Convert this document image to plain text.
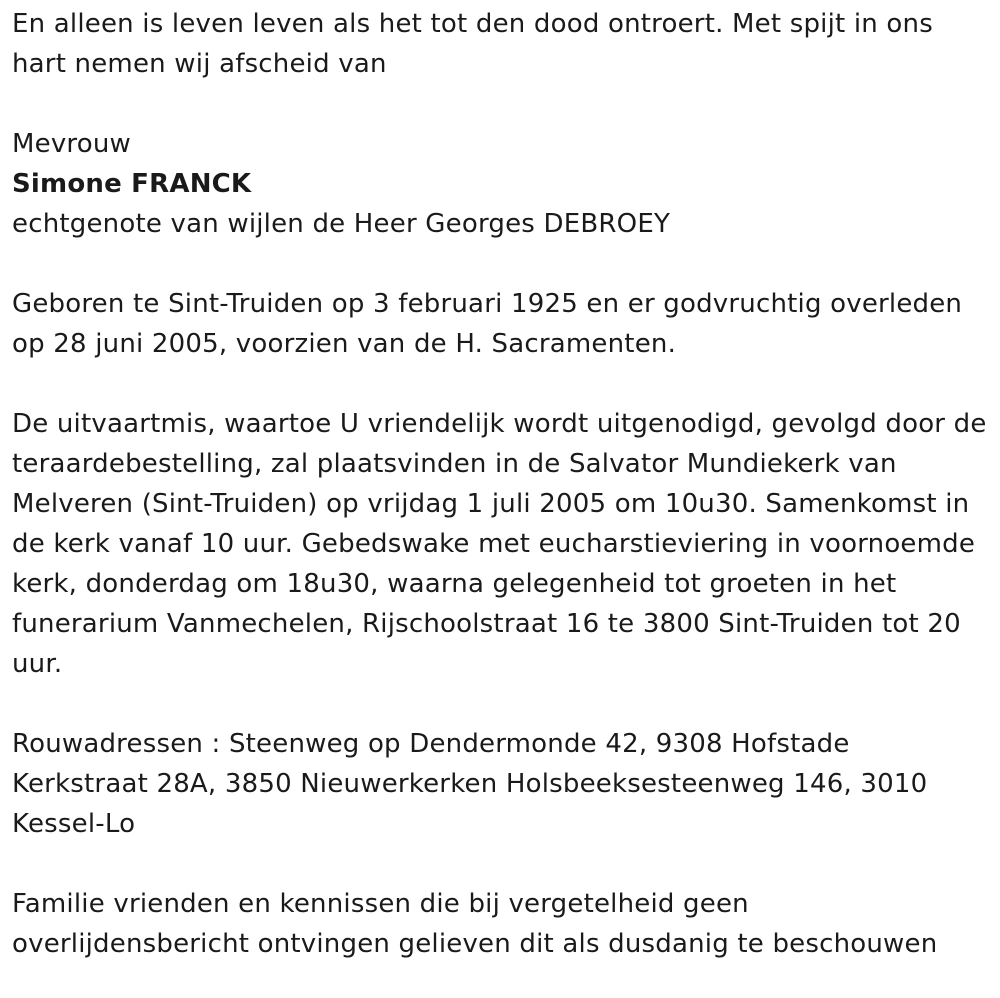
En alleen is leven leven als het tot den dood ontroert. Met spijt in ons hart nemen wij afscheid van

Mevrouw

Simone FRANCK

echtgenote van wijlen de Heer Georges DEBROEY

Geboren te Sint-Truiden op 3 februari 1925 en er godvruchtig overleden op 28 juni 2005, voorzien van de H. Sacramenten.

De uitvaartmis, waartoe U vriendelijk wordt uitgenodigd, gevolgd door de teraardebestelling, zal plaatsvinden in de Salvator Mundiekerk van Melveren (Sint-Truiden) op vrijdag 1 juli 2005 om 10u30. Samenkomst in de kerk vanaf 10 uur. Gebedswake met eucharstieviering in voornoemde kerk, donderdag om 18u30, waarna gelegenheid tot groeten in het funerarium Vanmechelen, Rijschoolstraat 16 te 3800 Sint-Truiden tot 20 uur.

Rouwadressen : Steenweg op Dendermonde 42, 9308 Hofstade Kerkstraat 28A, 3850 Nieuwerkerken Holsbeeksesteenweg 146, 3010 Kessel-Lo

Familie vrienden en kennissen die bij vergetelheid geen overlijdensbericht ontvingen gelieven dit als dusdanig te beschouwen
